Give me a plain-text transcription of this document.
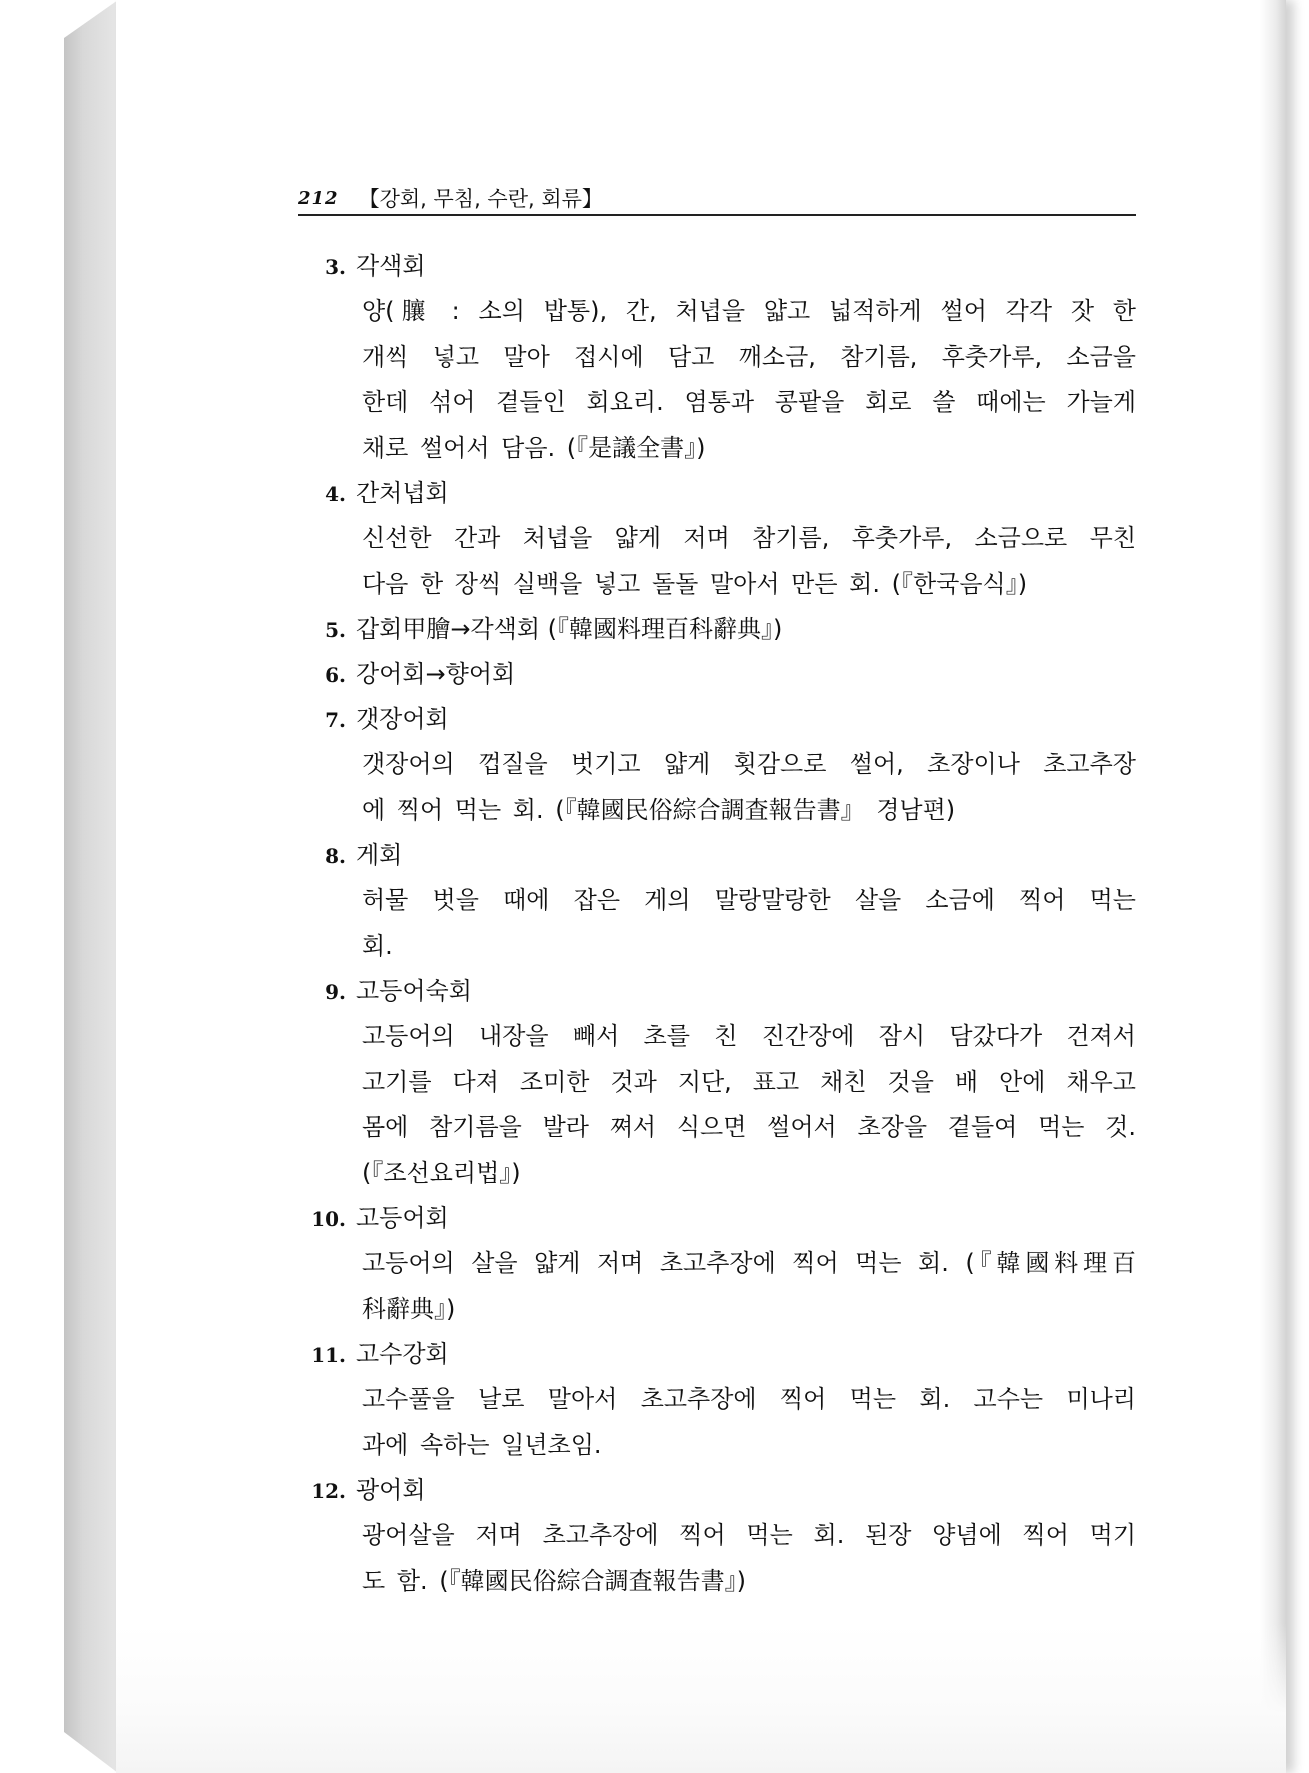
212 【강회, 무침, 수란, 회류】
3. 각색회
양(䑋 : 소의 밥통), 간, 처녑을 얇고 넓적하게 썰어 각각 잣 한
개씩 넣고 말아 접시에 담고 깨소금, 참기름, 후춧가루, 소금을
한데 섞어 곁들인 회요리. 염통과 콩팥을 회로 쓸 때에는 가늘게
채로 썰어서 담음. (『是議全書』)
4. 간처녑회
신선한 간과 처녑을 얇게 저며 참기름, 후춧가루, 소금으로 무친
다음 한 장씩 실백을 넣고 돌돌 말아서 만든 회. (『한국음식』)
5. 갑회甲膾→각색회 (『韓國料理百科辭典』)
6. 강어회→향어회
7. 갯장어회
갯장어의 껍질을 벗기고 얇게 횟감으로 썰어, 초장이나 초고추장
에 찍어 먹는 회. (『韓國民俗綜合調査報告書』 경남편)
8. 게회
허물 벗을 때에 잡은 게의 말랑말랑한 살을 소금에 찍어 먹는
회.
9. 고등어숙회
고등어의 내장을 빼서 초를 친 진간장에 잠시 담갔다가 건져서
고기를 다져 조미한 것과 지단, 표고 채친 것을 배 안에 채우고
몸에 참기름을 발라 쪄서 식으면 썰어서 초장을 곁들여 먹는 것.
(『조선요리법』)
10. 고등어회
고등어의 살을 얇게 저며 초고추장에 찍어 먹는 회. (『韓國料理百
科辭典』)
11. 고수강회
고수풀을 날로 말아서 초고추장에 찍어 먹는 회. 고수는 미나리
과에 속하는 일년초임.
12. 광어회
광어살을 저며 초고추장에 찍어 먹는 회. 된장 양념에 찍어 먹기
도 함. (『韓國民俗綜合調査報告書』)
